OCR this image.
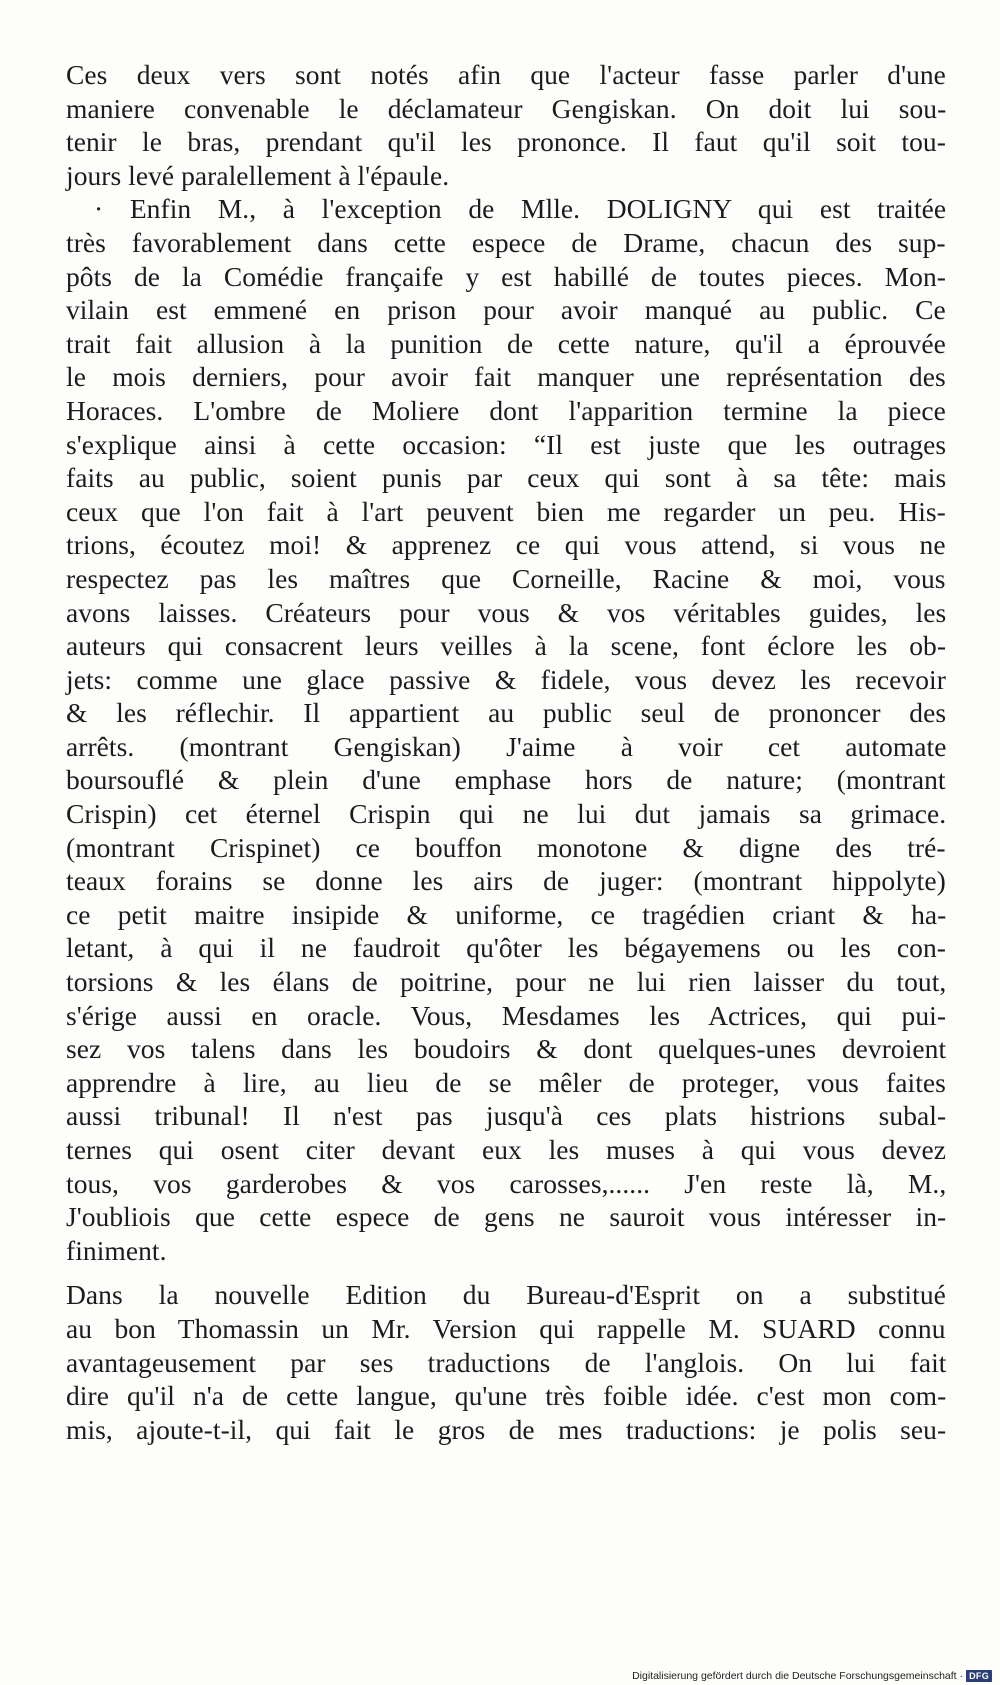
Ces deux vers sont notés afin que l'acteur fasse parler d'une
maniere convenable le déclamateur Gengiskan. On doit lui sou-
tenir le bras, prendant qu'il les prononce. Il faut qu'il soit tou-
jours levé paralellement à l'épaule.
· Enfin M., à l'exception de Mlle. DOLIGNY qui est traitée
très favorablement dans cette espece de Drame, chacun des sup-
pôts de la Comédie françaife y est habillé de toutes pieces. Mon-
vilain est emmené en prison pour avoir manqué au public. Ce
trait fait allusion à la punition de cette nature, qu'il a éprouvée
le mois derniers, pour avoir fait manquer une représentation des
Horaces. L'ombre de Moliere dont l'apparition termine la piece
s'explique ainsi à cette occasion: “Il est juste que les outrages
faits au public, soient punis par ceux qui sont à sa tête: mais
ceux que l'on fait à l'art peuvent bien me regarder un peu. His-
trions, écoutez moi! & apprenez ce qui vous attend, si vous ne
respectez pas les maîtres que Corneille, Racine & moi, vous
avons laisses. Créateurs pour vous & vos véritables guides, les
auteurs qui consacrent leurs veilles à la scene, font éclore les ob-
jets: comme une glace passive & fidele, vous devez les recevoir
& les réflechir. Il appartient au public seul de prononcer des
arrêts. (montrant Gengiskan) J'aime à voir cet automate
boursouflé & plein d'une emphase hors de nature; (montrant
Crispin) cet éternel Crispin qui ne lui dut jamais sa grimace.
(montrant Crispinet) ce bouffon monotone & digne des tré-
teaux forains se donne les airs de juger: (montrant hippolyte)
ce petit maitre insipide & uniforme, ce tragédien criant & ha-
letant, à qui il ne faudroit qu'ôter les bégayemens ou les con-
torsions & les élans de poitrine, pour ne lui rien laisser du tout,
s'érige aussi en oracle. Vous, Mesdames les Actrices, qui pui-
sez vos talens dans les boudoirs & dont quelques-unes devroient
apprendre à lire, au lieu de se mêler de proteger, vous faites
aussi tribunal! Il n'est pas jusqu'à ces plats histrions subal-
ternes qui osent citer devant eux les muses à qui vous devez
tous, vos garderobes & vos carosses,...... J'en reste là, M.,
J'oubliois que cette espece de gens ne sauroit vous intéresser in-
finiment.
Dans la nouvelle Edition du Bureau-d'Esprit on a substitué
au bon Thomassin un Mr. Version qui rappelle M. SUARD connu
avantageusement par ses traductions de l'anglois. On lui fait
dire qu'il n'a de cette langue, qu'une très foible idée. c'est mon com-
mis, ajoute-t-il, qui fait le gros de mes traductions: je polis seu-
Digitalisierung gefördert durch die Deutsche Forschungsgemeinschaft · DFG
